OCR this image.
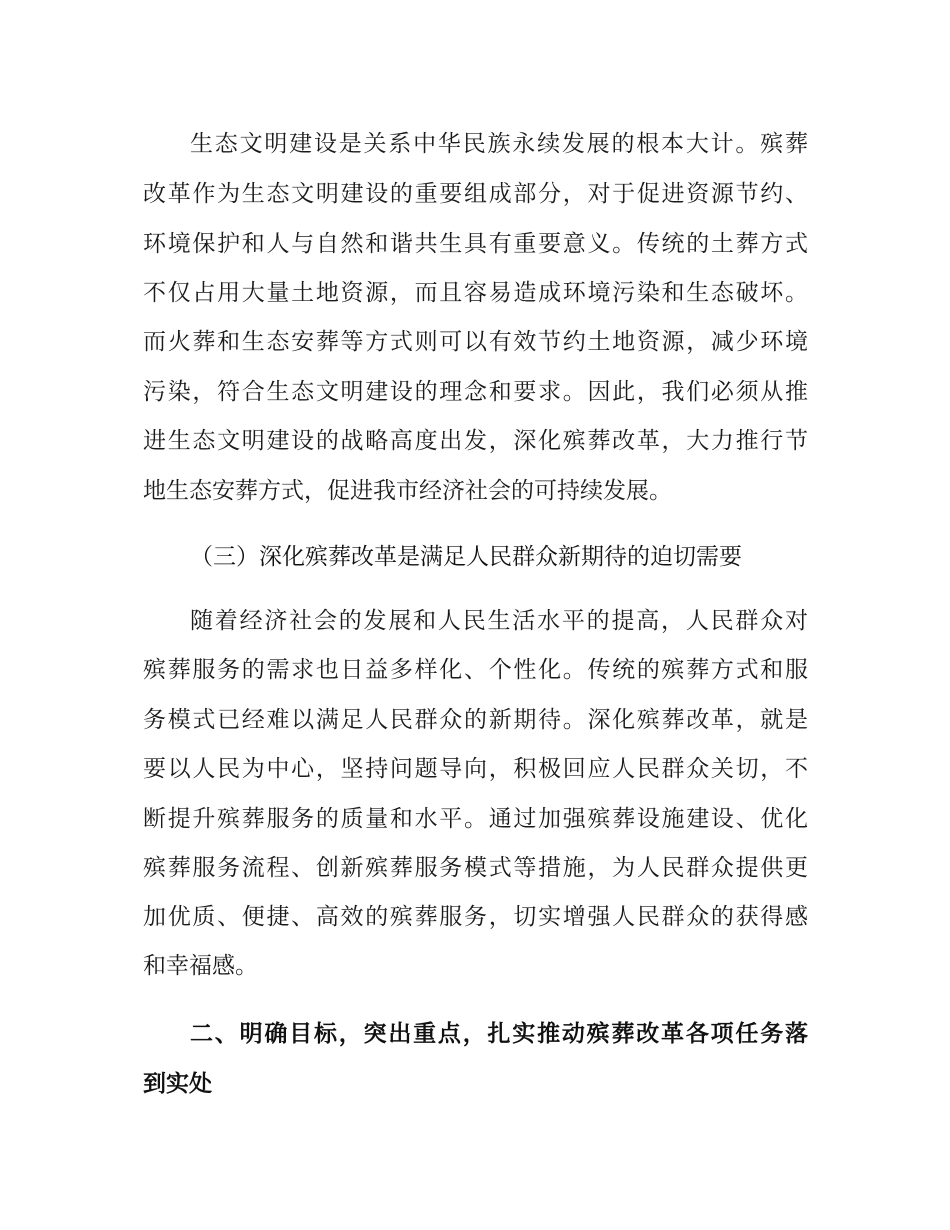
生态文明建设是关系中华民族永续发展的根本大计。殡葬
改革作为生态文明建设的重要组成部分，对于促进资源节约、
环境保护和人与自然和谐共生具有重要意义。传统的土葬方式
不仅占用大量土地资源，而且容易造成环境污染和生态破坏。
而火葬和生态安葬等方式则可以有效节约土地资源，减少环境
污染，符合生态文明建设的理念和要求。因此，我们必须从推
进生态文明建设的战略高度出发，深化殡葬改革，大力推行节
地生态安葬方式，促进我市经济社会的可持续发展。
（三）深化殡葬改革是满足人民群众新期待的迫切需要
随着经济社会的发展和人民生活水平的提高，人民群众对
殡葬服务的需求也日益多样化、个性化。传统的殡葬方式和服
务模式已经难以满足人民群众的新期待。深化殡葬改革，就是
要以人民为中心，坚持问题导向，积极回应人民群众关切，不
断提升殡葬服务的质量和水平。通过加强殡葬设施建设、优化
殡葬服务流程、创新殡葬服务模式等措施，为人民群众提供更
加优质、便捷、高效的殡葬服务，切实增强人民群众的获得感
和幸福感。
二、明确目标，突出重点，扎实推动殡葬改革各项任务落
到实处
